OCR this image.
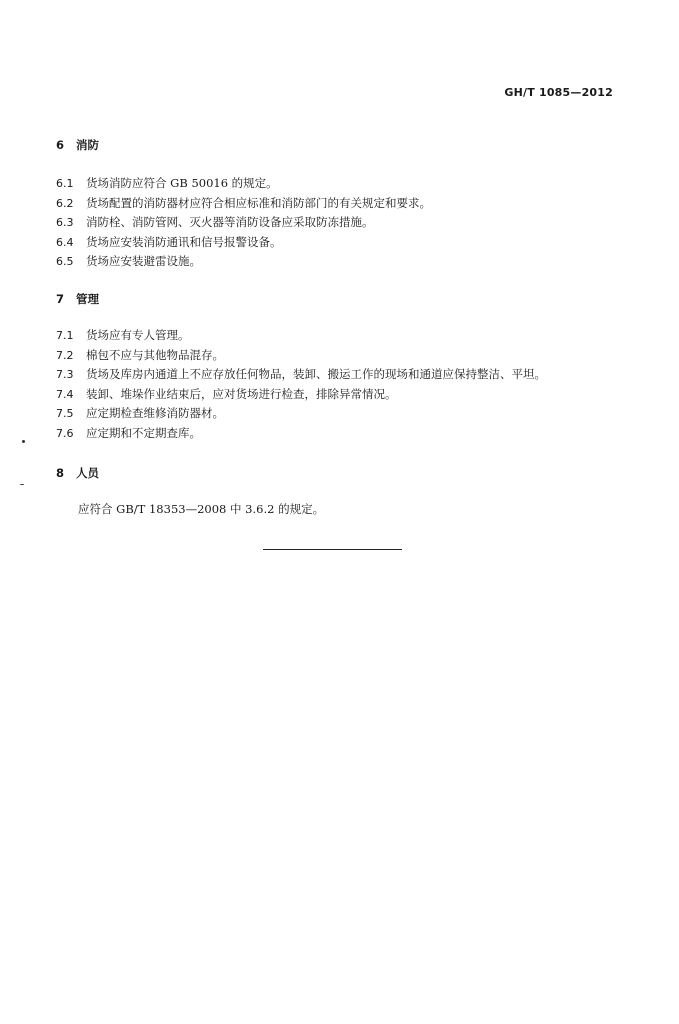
GH/T 1085—2012
6 消防
6.1 货场消防应符合 GB 50016 的规定。
6.2 货场配置的消防器材应符合相应标准和消防部门的有关规定和要求。
6.3 消防栓、消防管网、灭火器等消防设备应采取防冻措施。
6.4 货场应安装消防通讯和信号报警设备。
6.5 货场应安装避雷设施。
7 管理
7.1 货场应有专人管理。
7.2 棉包不应与其他物品混存。
7.3 货场及库房内通道上不应存放任何物品，装卸、搬运工作的现场和通道应保持整洁、平坦。
7.4 装卸、堆垛作业结束后，应对货场进行检查，排除异常情况。
7.5 应定期检查维修消防器材。
7.6 应定期和不定期查库。
8 人员
应符合 GB/T 18353—2008 中 3.6.2 的规定。
